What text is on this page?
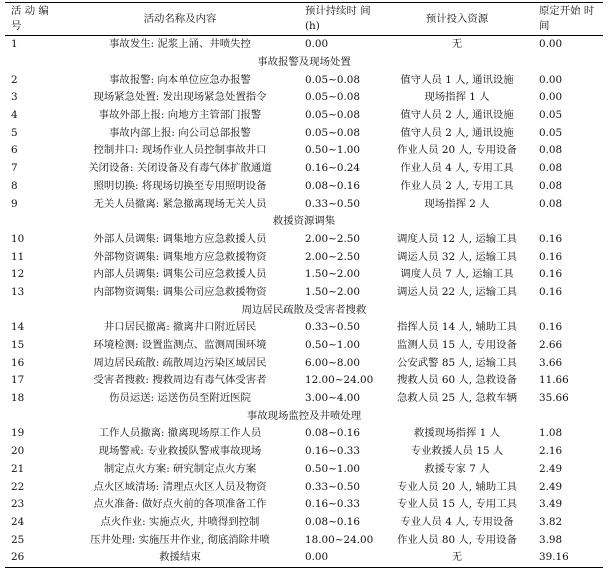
活 动 编 号	活动名称及内容	预计持续时 间(h)	预计投入资源	原定开始 时间
1	事故发生: 泥浆上涌、井喷失控	0.00	无	0.00
事故报警及现场处置				
2	事故报警: 向本单位应急办报警	0.05∼0.08	值守人员 1 人, 通讯设施	0.00
3	现场紧急处置: 发出现场紧急处置指令	0.05∼0.08	现场指挥 1 人	0.00
4	事故外部上报: 向地方主管部门报警	0.05∼0.08	值守人员 2 人, 通讯设施	0.05
5	事故内部上报: 向公司总部报警	0.05∼0.08	值守人员 2 人, 通讯设施	0.05
6	控制井口: 现场作业人员控制事故井口	0.50∼1.00	作业人员 20 人, 专用设备	0.08
7	关闭设备: 关闭设备及有毒气体扩散通道	0.16∼0.24	作业人员 4 人, 专用工具	0.08
8	照明切换: 将现场切换至专用照明设备	0.08∼0.16	作业人员 2 人, 专用工具	0.08
9	无关人员撤离: 紧急撤离现场无关人员	0.33∼0.50	现场指挥 2 人	0.08
救援资源调集				
10	外部人员调集: 调集地方应急救援人员	2.00∼2.50	调度人员 12 人, 运输工具	0.16
11	外部物资调集: 调集地方应急救援物资	2.00∼2.50	调运人员 32 人, 运输工具	0.16
12	内部人员调集: 调集公司应急救援人员	1.50∼2.00	调度人员 7 人, 运输工具	0.16
13	内部物资调集: 调集公司应急救援物资	1.50∼2.00	调运人员 22 人, 运输工具	0.16
周边居民疏散及受害者搜救				
14	井口居民撤离: 撤离井口附近居民	0.33∼0.50	指挥人员 14 人, 辅助工具	0.16
15	环境检测: 设置监测点、监测周围环境	0.50∼1.00	监测人员 15 人, 专用设备	2.66
16	周边居民疏散: 疏散周边污染区域居民	6.00∼8.00	公安武警 85 人, 运输工具	3.66
17	受害者搜救: 搜救周边有毒气体受害者	12.00∼24.00	搜救人员 60 人, 急救设备	11.66
18	伤员运送: 运送伤员至附近医院	3.00∼4.00	急救人员 25 人, 急救车辆	35.66
事故现场监控及井喷处理				
19	工作人员撤离: 撤离现场原工作人员	0.08∼0.16	救援现场指挥 1 人	1.08
20	现场警戒: 专业救援队警戒事故现场	0.16∼0.33	专业救援人员 15 人	2.16
21	制定点火方案: 研究制定点火方案	0.50∼1.00	救援专家 7 人	2.49
22	点火区域清场: 清理点火区人员及物资	0.33∼0.50	专业人员 20 人, 辅助工具	2.49
23	点火准备: 做好点火前的各项准备工作	0.16∼0.33	专业人员 15 人, 专用工具	3.49
24	点火作业: 实施点火, 井喷得到控制	0.08∼0.16	专业人员 4 人, 专用设备	3.82
25	压井处理: 实施压井作业, 彻底消除井喷	18.00∼24.00	作业人员 80 人, 专用设备	3.98
26	救援结束	0.00	无	39.16
